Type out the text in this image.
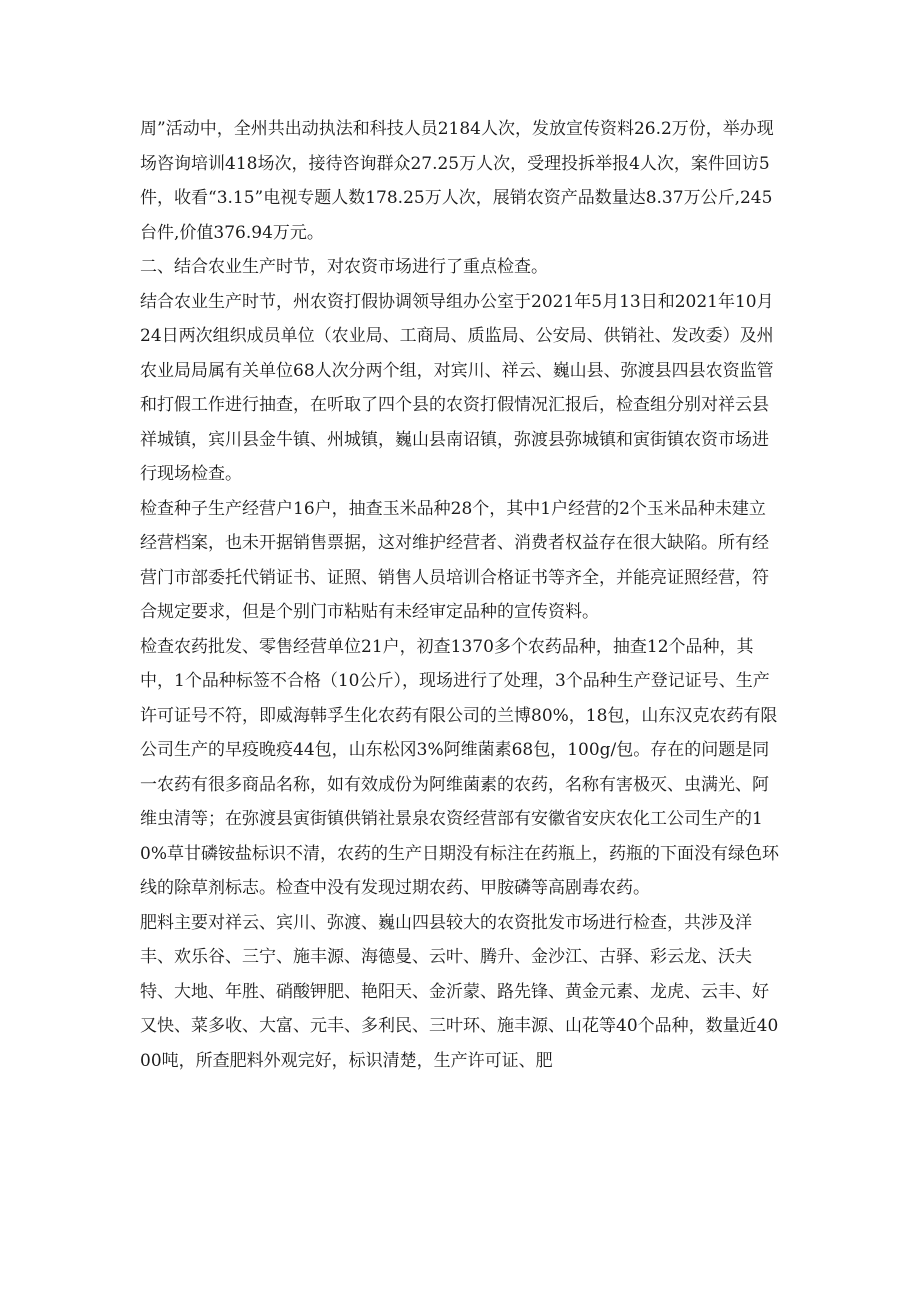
周”活动中，全州共出动执法和科技人员2184人次，发放宣传资料26.2万份，举办现场咨询培训418场次，接待咨询群众27.25万人次，受理投拆举报4人次，案件回访5件，收看“3.15”电视专题人数178.25万人次，展销农资产品数量达8.37万公斤,245台件,价值376.94万元。

二、结合农业生产时节，对农资市场进行了重点检查。

结合农业生产时节，州农资打假协调领导组办公室于2021年5月13日和2021年10月24日两次组织成员单位（农业局、工商局、质监局、公安局、供销社、发改委）及州农业局局属有关单位68人次分两个组，对宾川、祥云、巍山县、弥渡县四县农资监管和打假工作进行抽查，在听取了四个县的农资打假情况汇报后，检查组分别对祥云县祥城镇，宾川县金牛镇、州城镇，巍山县南诏镇，弥渡县弥城镇和寅街镇农资市场进行现场检查。

检查种子生产经营户16户，抽查玉米品种28个，其中1户经营的2个玉米品种未建立经营档案，也未开据销售票据，这对维护经营者、消费者权益存在很大缺陷。所有经营门市部委托代销证书、证照、销售人员培训合格证书等齐全，并能亮证照经营，符合规定要求，但是个别门市粘贴有未经审定品种的宣传资料。

检查农药批发、零售经营单位21户，初查1370多个农药品种，抽查12个品种，其中，1个品种标签不合格（10公斤），现场进行了处理，3个品种生产登记证号、生产许可证号不符，即威海韩孚生化农药有限公司的兰博80%，18包，山东汉克农药有限公司生产的早疫晚疫44包，山东松冈3%阿维菌素68包，100g/包。存在的问题是同一农药有很多商品名称，如有效成份为阿维菌素的农药，名称有害极灭、虫满光、阿维虫清等；在弥渡县寅街镇供销社景泉农资经营部有安徽省安庆农化工公司生产的10%草甘磷铵盐标识不清，农药的生产日期没有标注在药瓶上，药瓶的下面没有绿色环线的除草剂标志。检查中没有发现过期农药、甲胺磷等高剧毒农药。

肥料主要对祥云、宾川、弥渡、巍山四县较大的农资批发市场进行检查，共涉及洋丰、欢乐谷、三宁、施丰源、海德曼、云叶、腾升、金沙江、古驿、彩云龙、沃夫特、大地、年胜、硝酸钾肥、艳阳天、金沂蒙、路先锋、黄金元素、龙虎、云丰、好又快、菜多收、大富、元丰、多利民、三叶环、施丰源、山花等40个品种，数量近4000吨，所查肥料外观完好，标识清楚，生产许可证、肥
